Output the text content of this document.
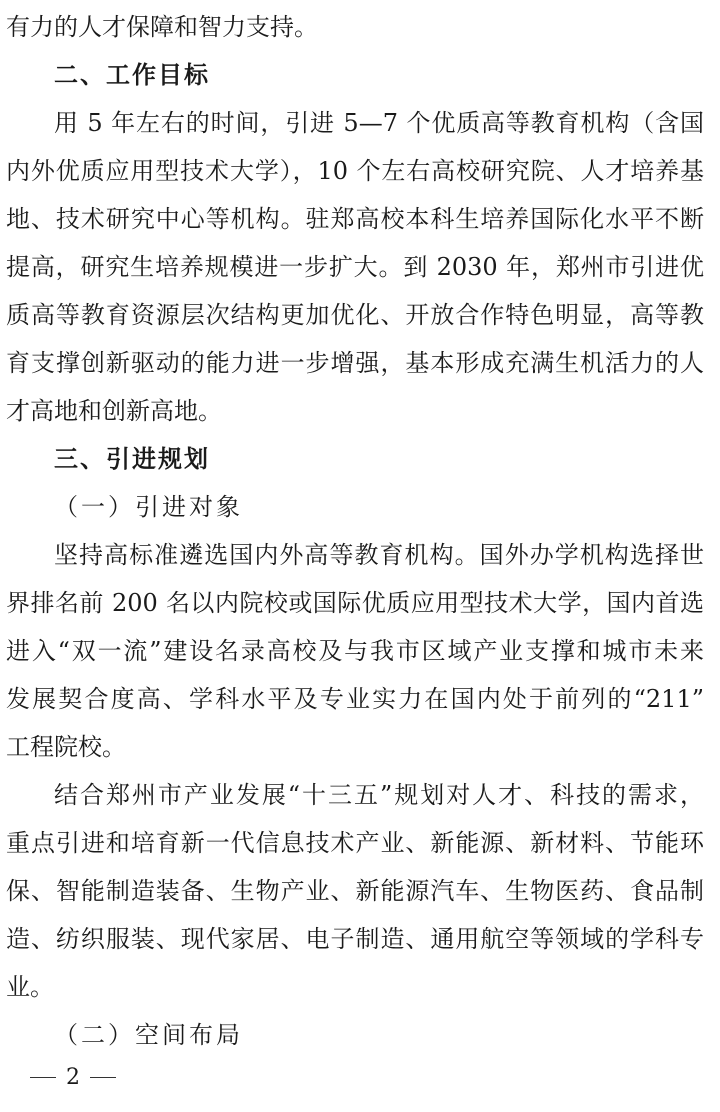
有力的人才保障和智力支持。
二、工作目标
用 5 年左右的时间，引进 5—7 个优质高等教育机构（含国
内外优质应用型技术大学），10 个左右高校研究院、人才培养基
地、技术研究中心等机构。驻郑高校本科生培养国际化水平不断
提高，研究生培养规模进一步扩大。到 2030 年，郑州市引进优
质高等教育资源层次结构更加优化、开放合作特色明显，高等教
育支撑创新驱动的能力进一步增强，基本形成充满生机活力的人
才高地和创新高地。
三、引进规划
（一）引进对象
坚持高标准遴选国内外高等教育机构。国外办学机构选择世
界排名前 200 名以内院校或国际优质应用型技术大学，国内首选
进入“双一流”建设名录高校及与我市区域产业支撑和城市未来
发展契合度高、学科水平及专业实力在国内处于前列的“211”
工程院校。
结合郑州市产业发展“十三五”规划对人才、科技的需求，
重点引进和培育新一代信息技术产业、新能源、新材料、节能环
保、智能制造装备、生物产业、新能源汽车、生物医药、食品制
造、纺织服装、现代家居、电子制造、通用航空等领域的学科专
业。
（二）空间布局
2
